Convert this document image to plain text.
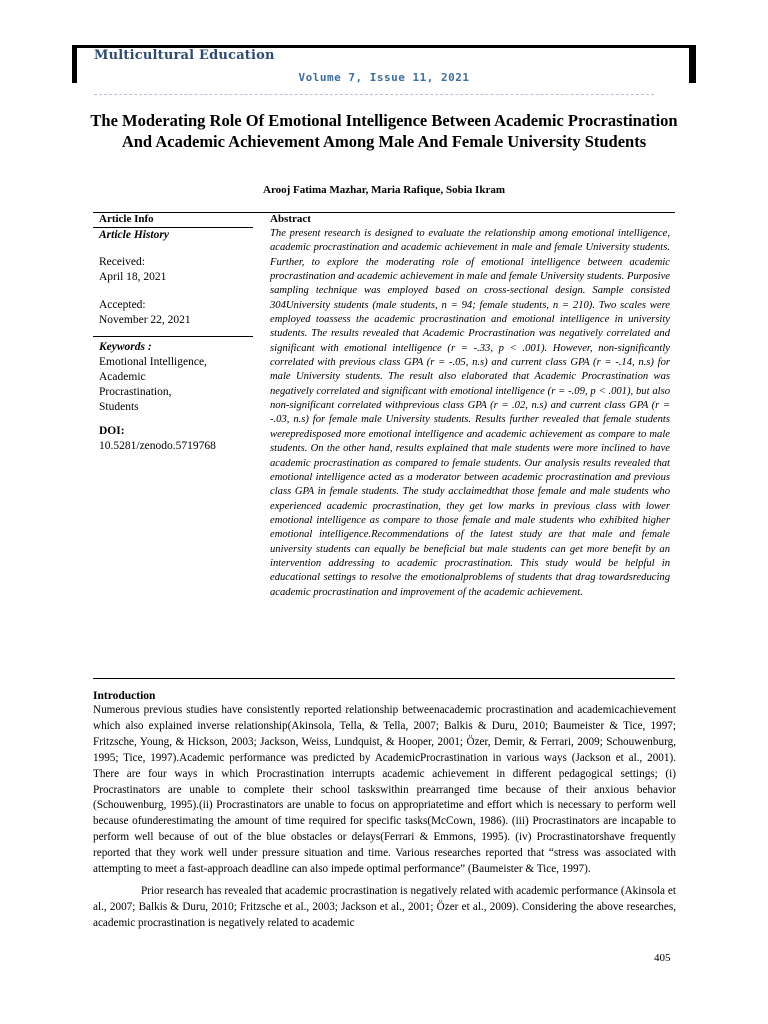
Multicultural Education
Volume 7, Issue 11, 2021
The Moderating Role Of Emotional Intelligence Between Academic Procrastination And Academic Achievement Among Male And Female University Students
Arooj Fatima Mazhar, Maria Rafique, Sobia Ikram
Article Info	Abstract
Article History
Received:
April 18, 2021
Accepted:
November 22, 2021
Keywords :
Emotional Intelligence,
Academic
Procrastination,
Students
DOI:
10.5281/zenodo.5719768
The present research is designed to evaluate the relationship among emotional intelligence, academic procrastination and academic achievement in male and female University students. Further, to explore the moderating role of emotional intelligence between academic procrastination and academic achievement in male and female University students. Purposive sampling technique was employed based on cross-sectional design. Sample consisted 304University students (male students, n = 94; female students, n = 210). Two scales were employed toassess the academic procrastination and emotional intelligence in university students. The results revealed that Academic Procrastination was negatively correlated and significant with emotional intelligence (r = -.33, p < .001). However, non-significantly correlated with previous class GPA (r = -.05, n.s) and current class GPA (r = -.14, n.s) for male University students. The result also elaborated that Academic Procrastination was negatively correlated and significant with emotional intelligence (r = -.09, p < .001), but also non-significant correlated withprevious class GPA (r = .02, n.s) and current class GPA (r = -.03, n.s) for female male University students. Results further revealed that female students werepredisposed more emotional intelligence and academic achievement as compare to male students. On the other hand, results explained that male students were more inclined to have academic procrastination as compared to female students. Our analysis results revealed that emotional intelligence acted as a moderator between academic procrastination and previous class GPA in female students. The study acclaimedthat those female and male students who experienced academic procrastination, they get low marks in previous class with lower emotional intelligence as compare to those female and male students who exhibited higher emotional intelligence.Recommendations of the latest study are that male and female university students can equally be beneficial but male students can get more benefit by an intervention addressing to academic procrastination. This study would be helpful in educational settings to resolve the emotionalproblems of students that drag towardsreducing academic procrastination and improvement of the academic achievement.
Introduction
Numerous previous studies have consistently reported relationship betweenacademic procrastination and academicachievement which also explained inverse relationship(Akinsola, Tella, & Tella, 2007; Balkis & Duru, 2010; Baumeister & Tice, 1997; Fritzsche, Young, & Hickson, 2003; Jackson, Weiss, Lundquist, & Hooper, 2001; Özer, Demir, & Ferrari, 2009; Schouwenburg, 1995; Tice, 1997).Academic performance was predicted by AcademicProcrastination in various ways (Jackson et al., 2001). There are four ways in which Procrastination interrupts academic achievement in different pedagogical settings; (i) Procrastinators are unable to complete their school taskswithin prearranged time because of their anxious behavior (Schouwenburg, 1995).(ii) Procrastinators are unable to focus on appropriatetime and effort which is necessary to perform well because ofunderestimating the amount of time required for specific tasks(McCown, 1986). (iii) Procrastinators are incapable to perform well because of out of the blue obstacles or delays(Ferrari & Emmons, 1995). (iv) Procrastinatorshave frequently reported that they work well under pressure situation and time. Various researches reported that “stress was associated with attempting to meet a fast-approach deadline can also impede optimal performance” (Baumeister & Tice, 1997).
Prior research has revealed that academic procrastination is negatively related with academic performance (Akinsola et al., 2007; Balkis & Duru, 2010; Fritzsche et al., 2003; Jackson et al., 2001; Özer et al., 2009). Considering the above researches, academic procrastination is negatively related to academic
405
